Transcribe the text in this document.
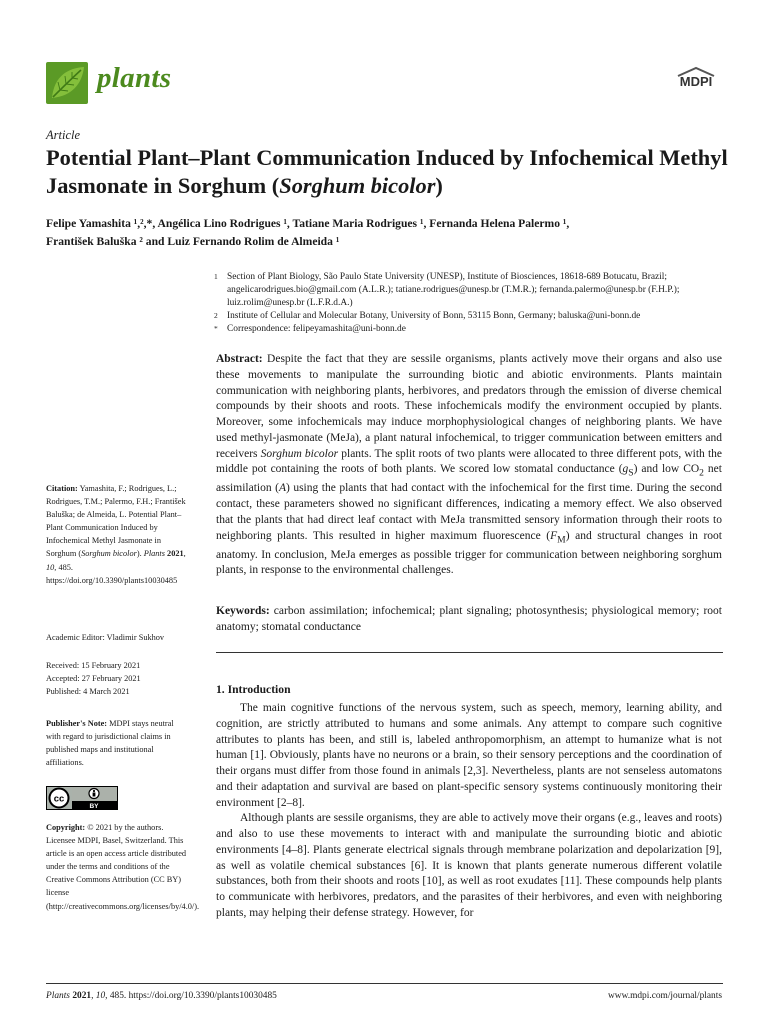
plants	MDPI
Article
Potential Plant–Plant Communication Induced by Infochemical Methyl Jasmonate in Sorghum (Sorghum bicolor)
Felipe Yamashita ¹,²,*, Angélica Lino Rodrigues ¹, Tatiane Maria Rodrigues ¹, Fernanda Helena Palermo ¹,
František Baluška ² and Luiz Fernando Rolim de Almeida ¹
1 Section of Plant Biology, São Paulo State University (UNESP), Institute of Biosciences, 18618-689 Botucatu, Brazil; angelicarodrigues.bio@gmail.com (A.L.R.); tatiane.rodrigues@unesp.br (T.M.R.); fernanda.palermo@unesp.br (F.H.P.); luiz.rolim@unesp.br (L.F.R.d.A.)
2 Institute of Cellular and Molecular Botany, University of Bonn, 53115 Bonn, Germany; baluska@uni-bonn.de
* Correspondence: felipeyamashita@uni-bonn.de
Abstract: Despite the fact that they are sessile organisms, plants actively move their organs and also use these movements to manipulate the surrounding biotic and abiotic environments. Plants maintain communication with neighboring plants, herbivores, and predators through the emission of diverse chemical compounds by their shoots and roots. These infochemicals modify the environment occupied by plants. Moreover, some infochemicals may induce morphophysiological changes of neighboring plants. We have used methyl-jasmonate (MeJa), a plant natural infochemical, to trigger communication between emitters and receivers Sorghum bicolor plants. The split roots of two plants were allocated to three different pots, with the middle pot containing the roots of both plants. We scored low stomatal conductance $(g_S)$ and low $CO_2$ net assimilation (A) using the plants that had contact with the infochemical for the first time. During the second contact, these parameters showed no significant differences, indicating a memory effect. We also observed that the plants that had direct leaf contact with MeJa transmitted sensory information through their roots to neighboring plants. This resulted in higher maximum fluorescence $(F_M)$ and structural changes in root anatomy. In conclusion, MeJa emerges as possible trigger for communication between neighboring sorghum plants, in response to the environmental challenges.
Keywords: carbon assimilation; infochemical; plant signaling; photosynthesis; physiological memory; root anatomy; stomatal conductance
1. Introduction

The main cognitive functions of the nervous system, such as speech, memory, learning ability, and cognition, are strictly attributed to humans and some animals. Any attempt to compare such cognitive attributes to plants has been, and still is, labeled anthropomorphism, an attempt to humanize what is not human [1]. Obviously, plants have no neurons or a brain, so their sensory perceptions and the coordination of their organs must differ from those found in animals [2,3]. Nevertheless, plants are not senseless automatons and their adaptation and survival are based on plant-specific sensory systems continuously monitoring their environment [2–8].

Although plants are sessile organisms, they are able to actively move their organs (e.g., leaves and roots) and also to use these movements to interact with and manipulate the surrounding biotic and abiotic environments [4–8]. Plants generate electrical signals through membrane polarization and depolarization [9], as well as volatile chemical substances [6]. It is known that plants generate numerous different volatile substances, both from their shoots and roots [10], as well as root exudates [11]. These compounds help plants to communicate with herbivores, predators, and the parasites of their herbivores, and even with neighboring plants, may helping their defense strategy. However, for

Citation: Yamashita, F.; Rodrigues, L.; Rodrigues, T.M.; Palermo, F.H.; František Baluška; de Almeida, L. Potential Plant–Plant Communication Induced by Infochemical Methyl Jasmonate in Sorghum (Sorghum bicolor). Plants 2021, 10, 485. https://doi.org/10.3390/plants10030485
Academic Editor: Vladimir Sukhov
Received: 15 February 2021
Accepted: 27 February 2021
Published: 4 March 2021
Publisher's Note: MDPI stays neutral with regard to jurisdictional claims in published maps and institutional affiliations.
cc
BY
Copyright: © 2021 by the authors. Licensee MDPI, Basel, Switzerland. This article is an open access article distributed under the terms and conditions of the Creative Commons Attribution (CC BY) license (http://creativecommons.org/licenses/by/4.0/).
Plants 2021, 10, 485. https://doi.org/10.3390/plants10030485	www.mdpi.com/journal/plants
